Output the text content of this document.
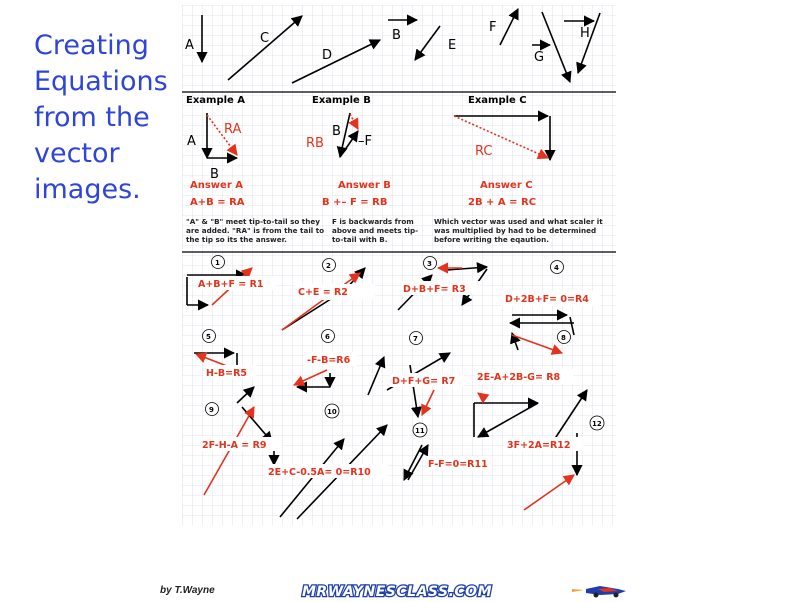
Creating
Equations
from the
vector
images.
A	C
D
B
E
F
G
H
Example A
A
B
RA
Answer A
A+B = RA
"A" & "B" meet tip-to-tail so they
are added. "RA" is from the tail to
the tip so its the answer.
Example B
B
–F
RB
Answer B
B +– F = RB
F is backwards from
above and meets tip-
to-tail with B.
Example C
RC
Answer C
2B + A = RC
Which vector was used and what scaler it
was multiplied by had to be determined
before writing the eqaution.
1
A+B+F = R1
2
C+E = R2
3
D+B+F= R3
4
D+2B+F= 0=R4
5
H-B=R5
6
-F-B=R6
7
D+F+G= R7
8
2E-A+2B-G= R8
9
2F-H-A = R9
10
2E+C-0.5A= 0=R10
11
F-F=0=R11
12
3F+2A=R12
by T.Wayne	MRWAYNESCLASS.COM
